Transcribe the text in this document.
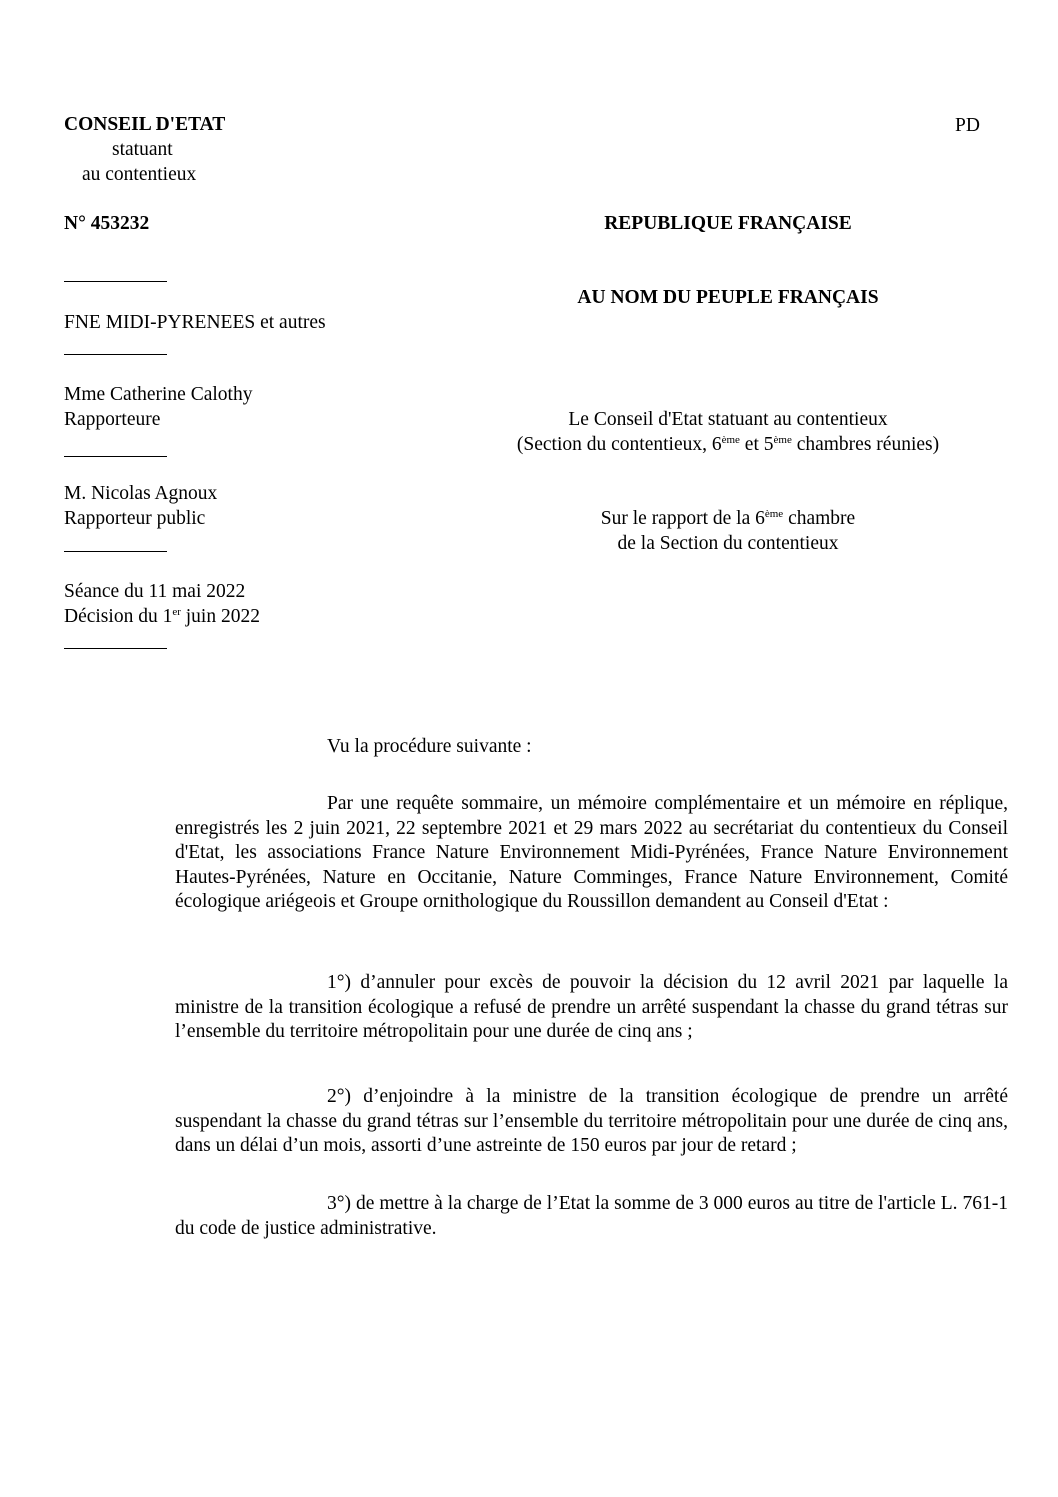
CONSEIL D'ETAT
statuant
au contentieux
PD
N° 453232	REPUBLIQUE FRANÇAISE
AU NOM DU PEUPLE FRANÇAIS
FNE MIDI-PYRENEES et autres
Mme Catherine Calothy
Rapporteure	Le Conseil d'Etat statuant au contentieux
(Section du contentieux, 6ème et 5ème chambres réunies)
M. Nicolas Agnoux
Rapporteur public	Sur le rapport de la 6ème chambre
de la Section du contentieux
Séance du 11 mai 2022
Décision du 1er juin 2022
Vu la procédure suivante :
Par une requête sommaire, un mémoire complémentaire et un mémoire en réplique, enregistrés les 2 juin 2021, 22 septembre 2021 et 29 mars 2022 au secrétariat du contentieux du Conseil d'Etat, les associations France Nature Environnement Midi-Pyrénées, France Nature Environnement Hautes-Pyrénées, Nature en Occitanie, Nature Comminges, France Nature Environnement, Comité écologique ariégeois et Groupe ornithologique du Roussillon demandent au Conseil d'Etat :
1°) d’annuler pour excès de pouvoir la décision du 12 avril 2021 par laquelle la ministre de la transition écologique a refusé de prendre un arrêté suspendant la chasse du grand tétras sur l’ensemble du territoire métropolitain pour une durée de cinq ans ;
2°) d’enjoindre à la ministre de la transition écologique de prendre un arrêté suspendant la chasse du grand tétras sur l’ensemble du territoire métropolitain pour une durée de cinq ans, dans un délai d’un mois, assorti d’une astreinte de 150 euros par jour de retard ;
3°) de mettre à la charge de l’Etat la somme de 3 000 euros au titre de l'article L. 761-1 du code de justice administrative.
